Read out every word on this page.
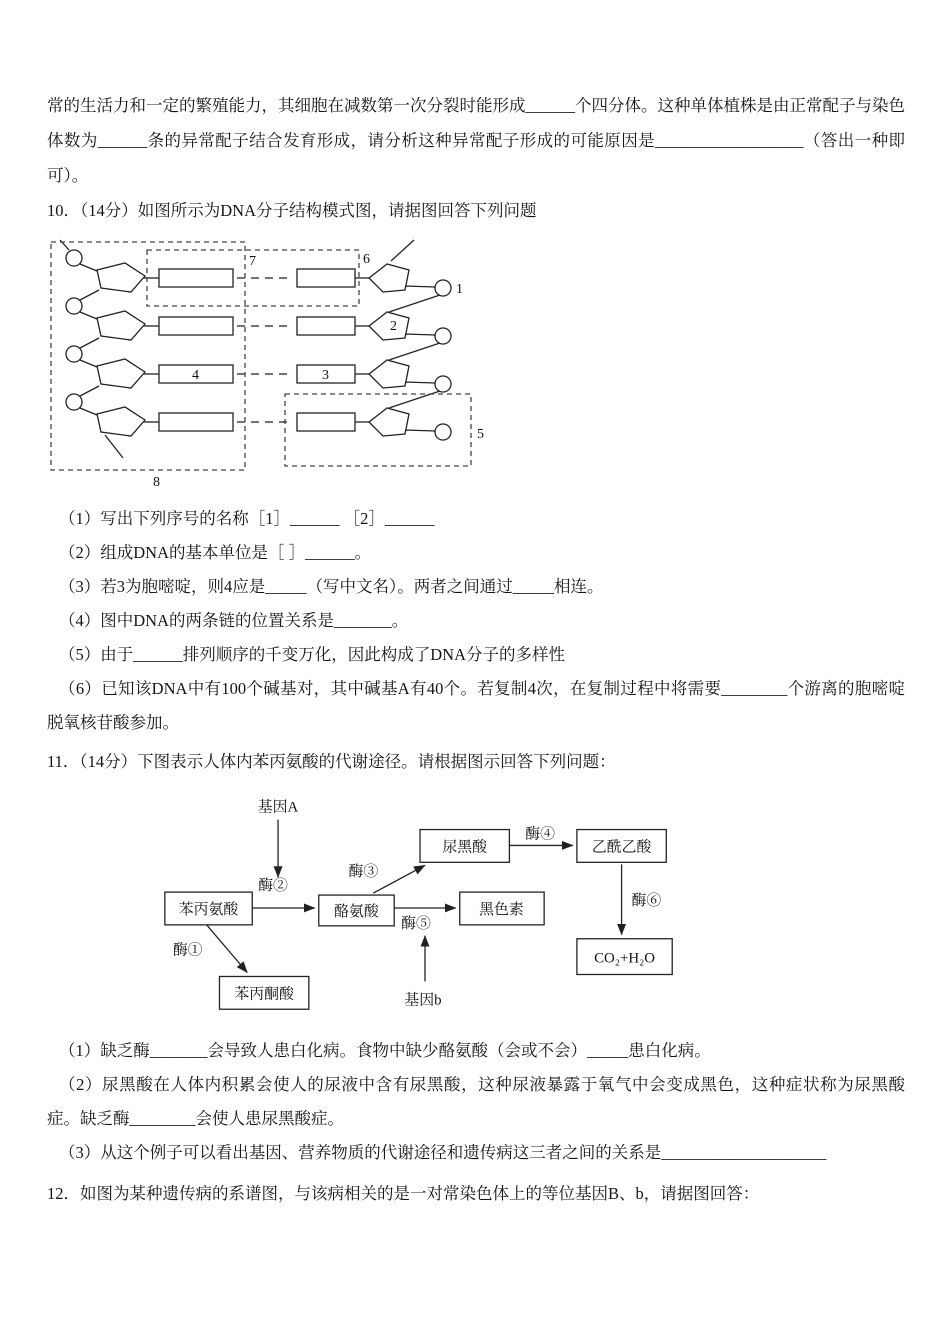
常的生活力和一定的繁殖能力，其细胞在减数第一次分裂时能形成______个四分体。这种单体植株是由正常配子与染色体数为______条的异常配子结合发育形成，请分析这种异常配子形成的可能原因是__________________（答出一种即可）。

10．（14分）如图所示为DNA分子结构模式图，请据图回答下列问题

7	6
1
2
4	3
5
8

（1）写出下列序号的名称［1］______ ［2］______

（2）组成DNA的基本单位是［ ］______。

（3）若3为胞嘧啶，则4应是_____（写中文名）。两者之间通过_____相连。

（4）图中DNA的两条链的位置关系是_______。

（5）由于______排列顺序的千变万化，因此构成了DNA分子的多样性

（6）已知该DNA中有100个碱基对，其中碱基A有40个。若复制4次，在复制过程中将需要________个游离的胞嘧啶脱氧核苷酸参加。

11．（14分）下图表示人体内苯丙氨酸的代谢途径。请根据图示回答下列问题：

基因A
苯丙氨酸	酪氨酸	黑色素
尿黑酸	乙酰乙酸
CO₂+H₂O
苯丙酮酸	基因b
酶②
酶①
酶③
酶④
酶⑤
酶⑥

（1）缺乏酶_______会导致人患白化病。食物中缺少酪氨酸（会或不会）_____患白化病。

（2）尿黑酸在人体内积累会使人的尿液中含有尿黑酸，这种尿液暴露于氧气中会变成黑色，这种症状称为尿黑酸症。缺乏酶________会使人患尿黑酸症。

（3）从这个例子可以看出基因、营养物质的代谢途径和遗传病这三者之间的关系是____________________

12．如图为某种遗传病的系谱图，与该病相关的是一对常染色体上的等位基因B、b，请据图回答：
